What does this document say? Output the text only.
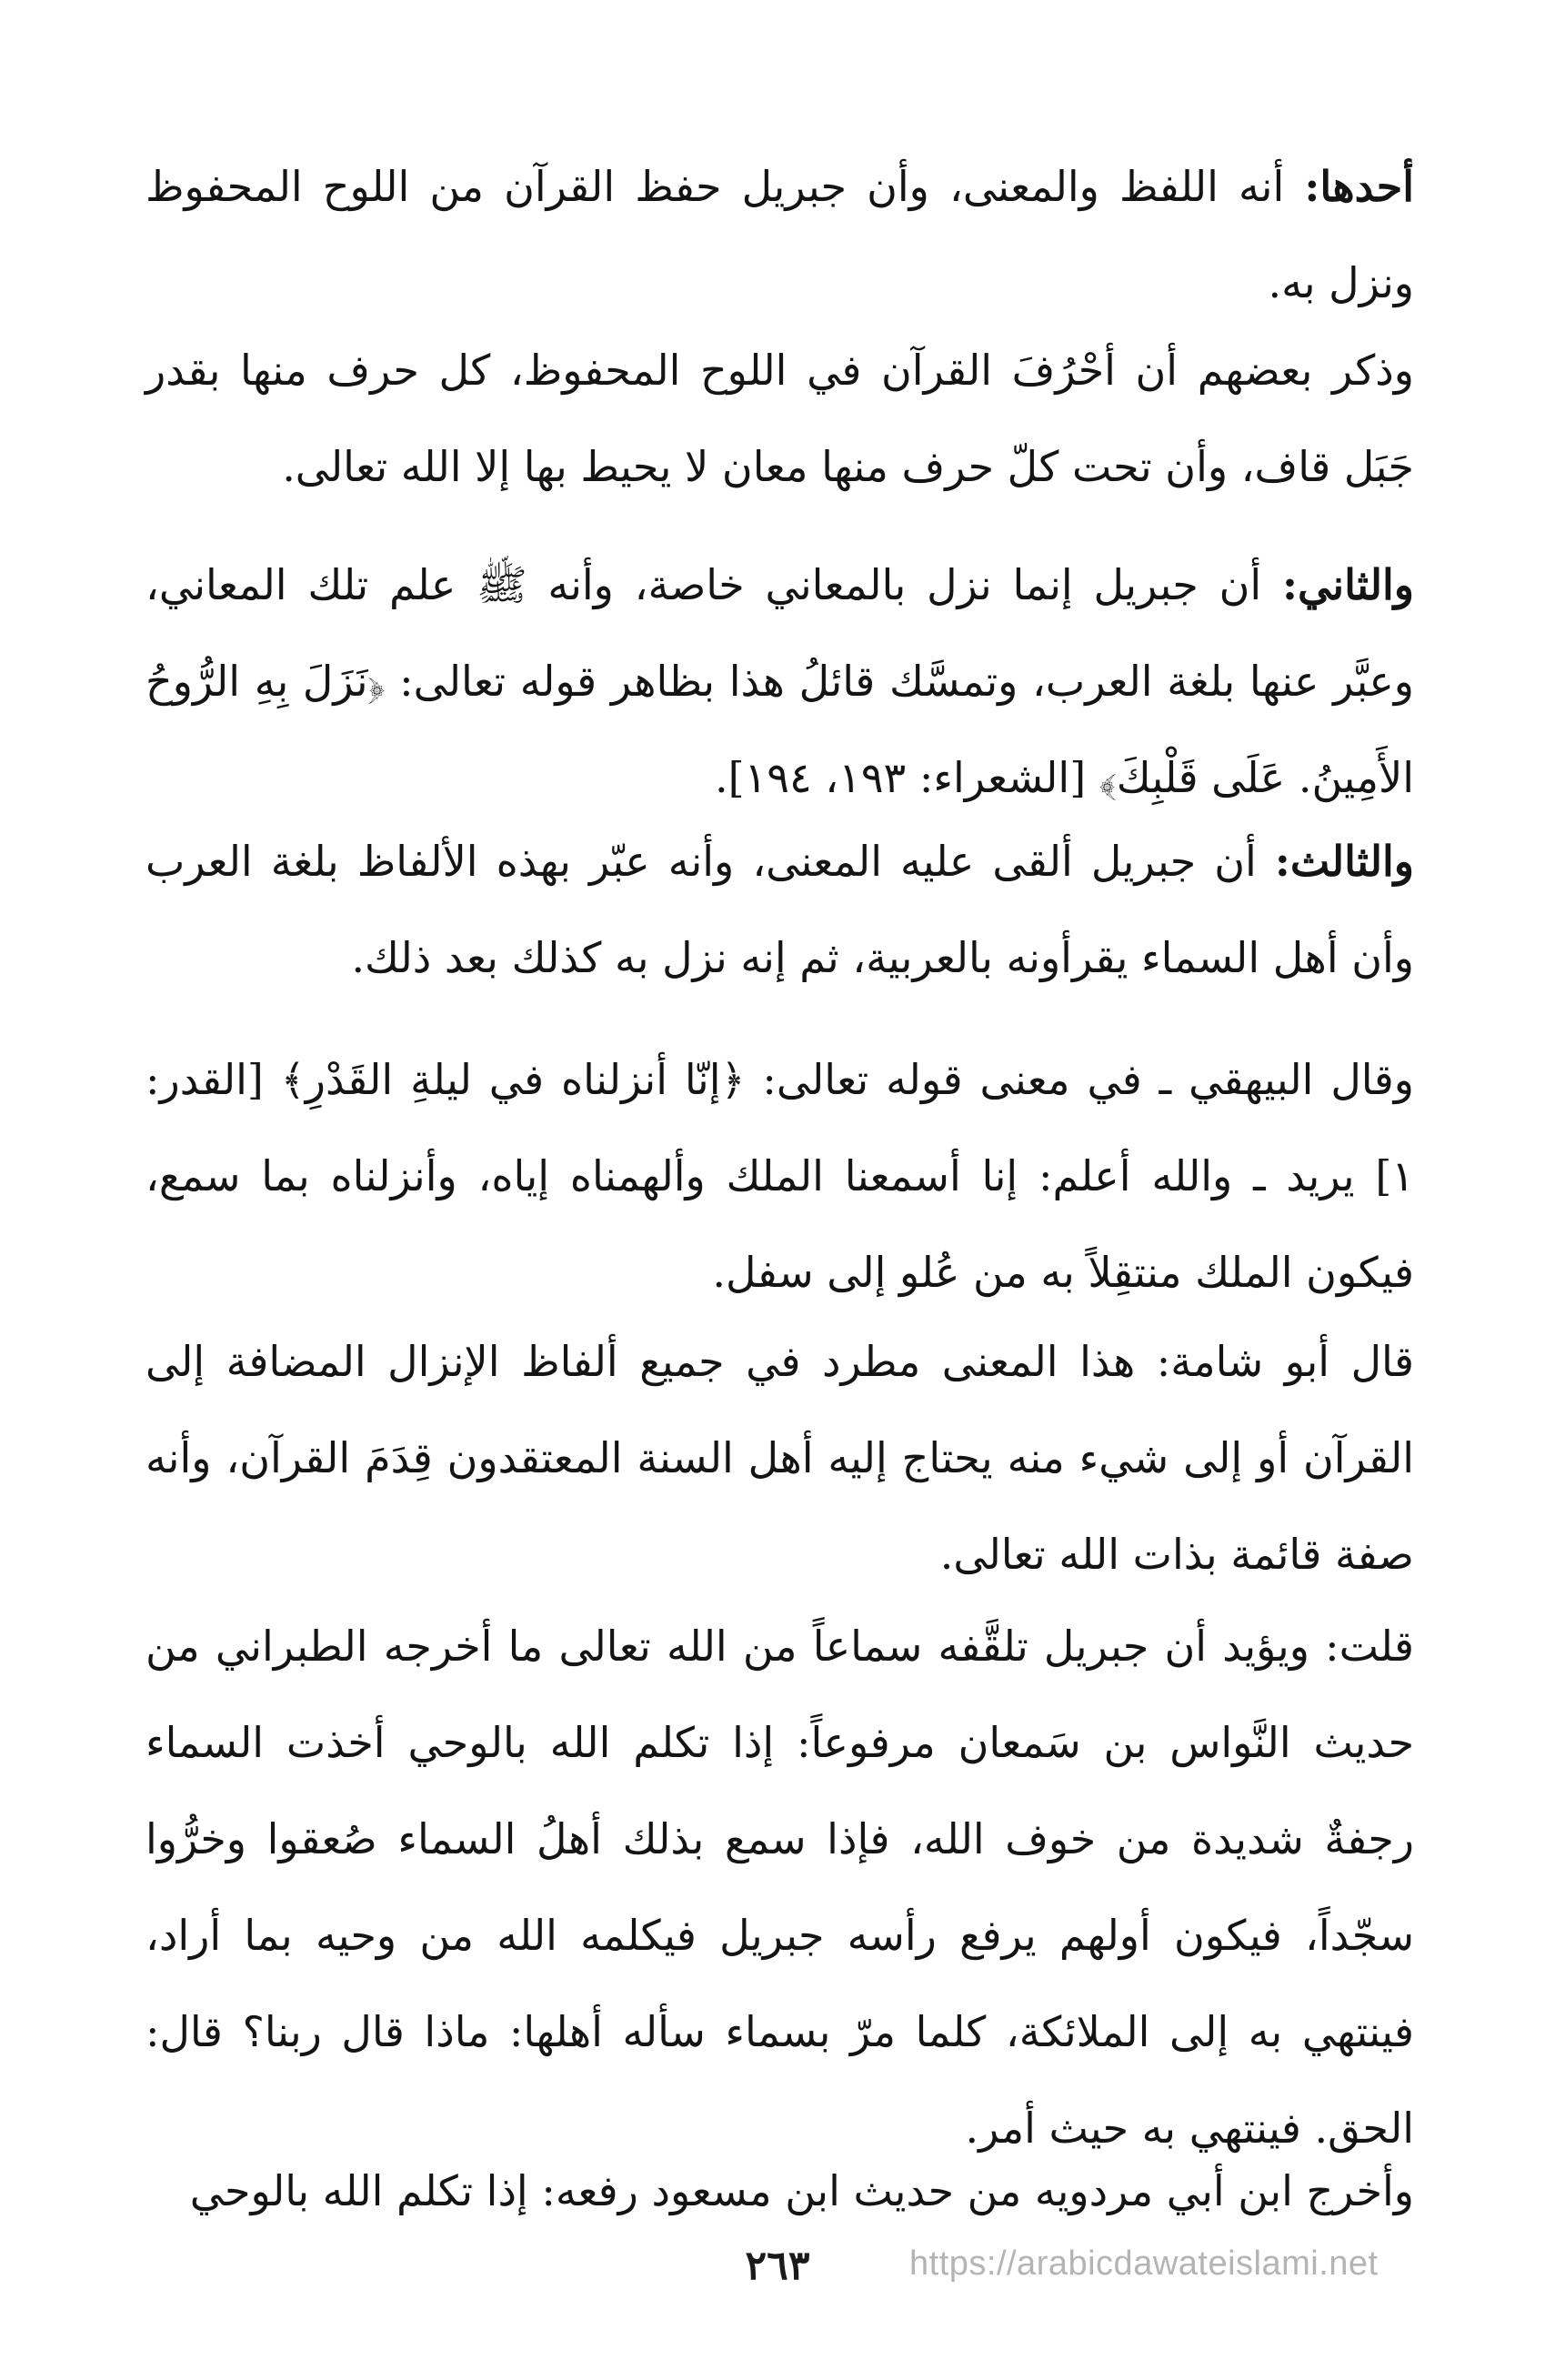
أحدها: أنه اللفظ والمعنى، وأن جبريل حفظ القرآن من اللوح المحفوظ ونزل به.

وذكر بعضهم أن أحْرُفَ القرآن في اللوح المحفوظ، كل حرف منها بقدر جَبَل قاف، وأن تحت كلّ حرف منها معان لا يحيط بها إلا الله تعالى.

والثاني: أن جبريل إنما نزل بالمعاني خاصة، وأنه ﷺ علم تلك المعاني، وعبَّر عنها بلغة العرب، وتمسَّك قائلُ هذا بظاهر قوله تعالى: ﴿نَزَلَ بِهِ الرُّوحُ الأَمِينُ. عَلَى قَلْبِكَ﴾ [الشعراء: ١٩٣، ١٩٤].

والثالث: أن جبريل ألقى عليه المعنى، وأنه عبّر بهذه الألفاظ بلغة العرب وأن أهل السماء يقرأونه بالعربية، ثم إنه نزل به كذلك بعد ذلك.

وقال البيهقي ـ في معنى قوله تعالى: ﴿إنّا أنزلناه في ليلةِ القَدْرِ﴾ [القدر: ١] يريد ـ والله أعلم: إنا أسمعنا الملك وألهمناه إياه، وأنزلناه بما سمع، فيكون الملك منتقِلاً به من عُلو إلى سفل.

قال أبو شامة: هذا المعنى مطرد في جميع ألفاظ الإنزال المضافة إلى القرآن أو إلى شيء منه يحتاج إليه أهل السنة المعتقدون قِدَمَ القرآن، وأنه صفة قائمة بذات الله تعالى.

قلت: ويؤيد أن جبريل تلقَّفه سماعاً من الله تعالى ما أخرجه الطبراني من حديث النَّواس بن سَمعان مرفوعاً: إذا تكلم الله بالوحي أخذت السماء رجفةٌ شديدة من خوف الله، فإذا سمع بذلك أهلُ السماء صُعقوا وخرُّوا سجّداً، فيكون أولهم يرفع رأسه جبريل فيكلمه الله من وحيه بما أراد، فينتهي به إلى الملائكة، كلما مرّ بسماء سأله أهلها: ماذا قال ربنا؟ قال: الحق. فينتهي به حيث أمر.

وأخرج ابن أبي مردويه من حديث ابن مسعود رفعه: إذا تكلم الله بالوحي

٢٦٣	https://arabicdawateislami.net
